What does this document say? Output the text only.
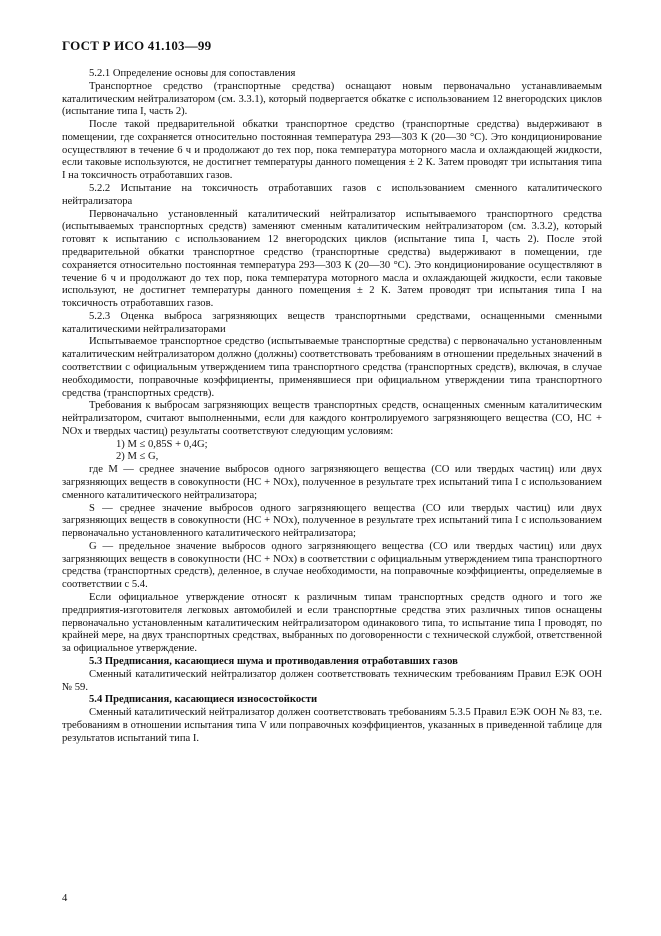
ГОСТ Р ИСО 41.103—99

5.2.1 Определение основы для сопоставления

Транспортное средство (транспортные средства) оснащают новым первоначально устанавливаемым каталитическим нейтрализатором (см. 3.3.1), который подвергается обкатке с использованием 12 внегородских циклов (испытание типа I, часть 2).

После такой предварительной обкатки транспортное средство (транспортные средства) выдерживают в помещении, где сохраняется относительно постоянная температура 293—303 К (20—30 °С). Это кондиционирование осуществляют в течение 6 ч и продолжают до тех пор, пока температура моторного масла и охлаждающей жидкости, если таковые используются, не достигнет температуры данного помещения ± 2 К. Затем проводят три испытания типа I на токсичность отработавших газов.

5.2.2 Испытание на токсичность отработавших газов с использованием сменного каталитического нейтрализатора

Первоначально установленный каталитический нейтрализатор испытываемого транспортного средства (испытываемых транспортных средств) заменяют сменным каталитическим нейтрализатором (см. 3.3.2), который готовят к испытанию с использованием 12 внегородских циклов (испытание типа I, часть 2). После этой предварительной обкатки транспортное средство (транспортные средства) выдерживают в помещении, где сохраняется относительно постоянная температура 293—303 К (20—30 °С). Это кондиционирование осуществляют в течение 6 ч и продолжают до тех пор, пока температура моторного масла и охлаждающей жидкости, если таковые используют, не достигнет температуры данного помещения ± 2 К. Затем проводят три испытания типа I на токсичность отработавших газов.

5.2.3 Оценка выброса загрязняющих веществ транспортными средствами, оснащенными сменными каталитическими нейтрализаторами

Испытываемое транспортное средство (испытываемые транспортные средства) с первоначально установленным каталитическим нейтрализатором должно (должны) соответствовать требованиям в отношении предельных значений в соответствии с официальным утверждением типа транспортного средства (транспортных средств), включая, в случае необходимости, поправочные коэффициенты, применявшиеся при официальном утверждении типа транспортного средства (транспортных средств).

Требования к выбросам загрязняющих веществ транспортных средств, оснащенных сменным каталитическим нейтрализатором, считают выполненными, если для каждого контролируемого загрязняющего вещества (CO, HC + NOx и твердых частиц) результаты соответствуют следующим условиям:

1) M ≤ 0,85S + 0,4G;

2) M ≤ G,

где M — среднее значение выбросов одного загрязняющего вещества (CO или твердых частиц) или двух загрязняющих веществ в совокупности (HC + NOx), полученное в результате трех испытаний типа I с использованием сменного каталитического нейтрализатора;

S — среднее значение выбросов одного загрязняющего вещества (CO или твердых частиц) или двух загрязняющих веществ в совокупности (HC + NOx), полученное в результате трех испытаний типа I с использованием первоначально установленного каталитического нейтрализатора;

G — предельное значение выбросов одного загрязняющего вещества (CO или твердых частиц) или двух загрязняющих веществ в совокупности (HC + NOx) в соответствии с официальным утверждением типа транспортного средства (транспортных средств), деленное, в случае необходимости, на поправочные коэффициенты, определяемые в соответствии с 5.4.

Если официальное утверждение относят к различным типам транспортных средств одного и того же предприятия-изготовителя легковых автомобилей и если транспортные средства этих различных типов оснащены первоначально установленным каталитическим нейтрализатором одинакового типа, то испытание типа I проводят, по крайней мере, на двух транспортных средствах, выбранных по договоренности с технической службой, ответственной за официальное утверждение.

5.3 Предписания, касающиеся шума и противодавления отработавших газов

Сменный каталитический нейтрализатор должен соответствовать техническим требованиям Правил ЕЭК ООН № 59.

5.4 Предписания, касающиеся износостойкости

Сменный каталитический нейтрализатор должен соответствовать требованиям 5.3.5 Правил ЕЭК ООН № 83, т.е. требованиям в отношении испытания типа V или поправочных коэффициентов, указанных в приведенной таблице для результатов испытаний типа I.

4
